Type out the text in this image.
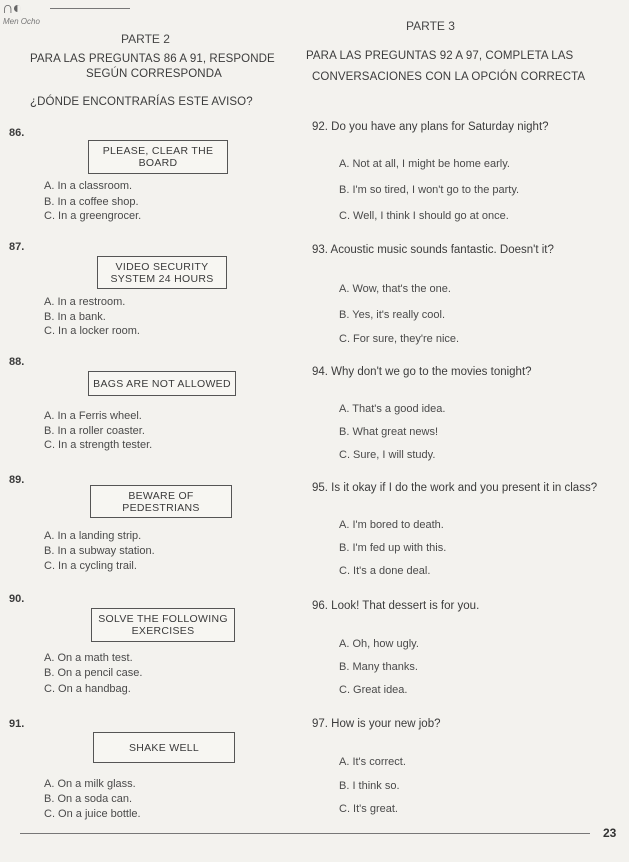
∩◐
Men Ocho
PARTE 2
PARTE 3
PARA LAS PREGUNTAS 86 A 91, RESPONDE
SEGÚN CORRESPONDA
¿DÓNDE ENCONTRARÍAS ESTE AVISO?
PARA LAS PREGUNTAS 92 A 97, COMPLETA LAS
CONVERSACIONES CON LA OPCIÓN CORRECTA
86.
PLEASE, CLEAR THE
BOARD
A. In a classroom.
B. In a coffee shop.
C. In a greengrocer.
87.
VIDEO SECURITY
SYSTEM 24 HOURS
A. In a restroom.
B. In a bank.
C. In a locker room.
88.
BAGS ARE NOT ALLOWED
A. In a Ferris wheel.
B. In a roller coaster.
C. In a strength tester.
89.
BEWARE OF
PEDESTRIANS
A. In a landing strip.
B. In a subway station.
C. In a cycling trail.
90.
SOLVE THE FOLLOWING
EXERCISES
A. On a math test.
B. On a pencil case.
C. On a handbag.
91.
SHAKE WELL
A. On a milk glass.
B. On a soda can.
C. On a juice bottle.
92. Do you have any plans for Saturday night?
A. Not at all, I might be home early.
B. I'm so tired, I won't go to the party.
C. Well, I think I should go at once.
93. Acoustic music sounds fantastic. Doesn't it?
A. Wow, that's the one.
B. Yes, it's really cool.
C. For sure, they're nice.
94. Why don't we go to the movies tonight?
A. That's a good idea.
B. What great news!
C. Sure, I will study.
95. Is it okay if I do the work and you present it in class?
A. I'm bored to death.
B. I'm fed up with this.
C. It's a done deal.
96. Look! That dessert is for you.
A. Oh, how ugly.
B. Many thanks.
C. Great idea.
97. How is your new job?
A. It's correct.
B. I think so.
C. It's great.
23
